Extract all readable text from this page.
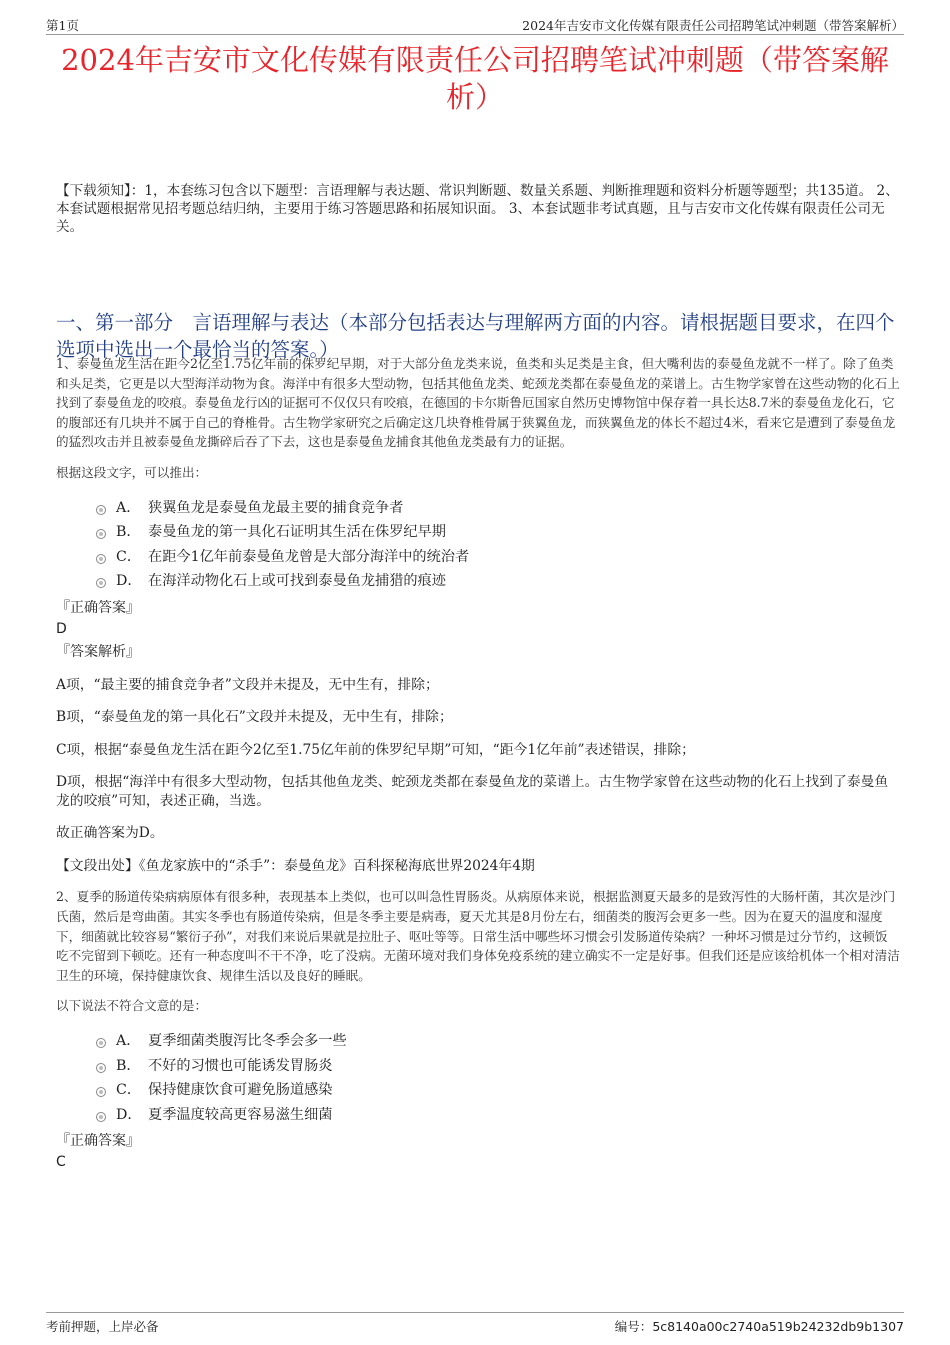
第1页	2024年吉安市文化传媒有限责任公司招聘笔试冲刺题（带答案解析）
2024年吉安市文化传媒有限责任公司招聘笔试冲刺题（带答案解析）
【下载须知】：1，本套练习包含以下题型：言语理解与表达题、常识判断题、数量关系题、判断推理题和资料分析题等题型；共135道。 2、本套试题根据常见招考题总结归纳，主要用于练习答题思路和拓展知识面。 3、本套试题非考试真题，且与吉安市文化传媒有限责任公司无关。
一、第一部分　言语理解与表达（本部分包括表达与理解两方面的内容。请根据题目要求，在四个选项中选出一个最恰当的答案。）

1、泰曼鱼龙生活在距今2亿至1.75亿年前的侏罗纪早期，对于大部分鱼龙类来说，鱼类和头足类是主食，但大嘴利齿的泰曼鱼龙就不一样了。除了鱼类和头足类，它更是以大型海洋动物为食。海洋中有很多大型动物，包括其他鱼龙类、蛇颈龙类都在泰曼鱼龙的菜谱上。古生物学家曾在这些动物的化石上找到了泰曼鱼龙的咬痕。泰曼鱼龙行凶的证据可不仅仅只有咬痕，在德国的卡尔斯鲁厄国家自然历史博物馆中保存着一具长达8.7米的泰曼鱼龙化石，它的腹部还有几块并不属于自己的脊椎骨。古生物学家研究之后确定这几块脊椎骨属于狭翼鱼龙，而狭翼鱼龙的体长不超过4米，看来它是遭到了泰曼鱼龙的猛烈攻击并且被泰曼鱼龙撕碎后吞了下去，这也是泰曼鱼龙捕食其他鱼龙类最有力的证据。

根据这段文字，可以推出：

A． 狭翼鱼龙是泰曼鱼龙最主要的捕食竞争者
B． 泰曼鱼龙的第一具化石证明其生活在侏罗纪早期
C． 在距今1亿年前泰曼鱼龙曾是大部分海洋中的统治者
D． 在海洋动物化石上或可找到泰曼鱼龙捕猎的痕迹

『正确答案』

D

『答案解析』

A项，“最主要的捕食竞争者”文段并未提及，无中生有，排除；

B项，“泰曼鱼龙的第一具化石”文段并未提及，无中生有，排除；

C项，根据“泰曼鱼龙生活在距今2亿至1.75亿年前的侏罗纪早期”可知，“距今1亿年前”表述错误，排除；

D项，根据“海洋中有很多大型动物，包括其他鱼龙类、蛇颈龙类都在泰曼鱼龙的菜谱上。古生物学家曾在这些动物的化石上找到了泰曼鱼龙的咬痕”可知，表述正确，当选。

故正确答案为D。

【文段出处】《鱼龙家族中的“杀手”：泰曼鱼龙》百科探秘海底世界2024年4期

2、夏季的肠道传染病病原体有很多种，表现基本上类似，也可以叫急性胃肠炎。从病原体来说，根据监测夏天最多的是致泻性的大肠杆菌，其次是沙门氏菌，然后是弯曲菌。其实冬季也有肠道传染病，但是冬季主要是病毒，夏天尤其是8月份左右，细菌类的腹泻会更多一些。因为在夏天的温度和湿度下，细菌就比较容易“繁衍子孙”，对我们来说后果就是拉肚子、呕吐等等。日常生活中哪些坏习惯会引发肠道传染病？一种坏习惯是过分节约，这顿饭吃不完留到下顿吃。还有一种态度叫不干不净，吃了没病。无菌环境对我们身体免疫系统的建立确实不一定是好事。但我们还是应该给机体一个相对清洁卫生的环境，保持健康饮食、规律生活以及良好的睡眠。

以下说法不符合文意的是：

A． 夏季细菌类腹泻比冬季会多一些
B． 不好的习惯也可能诱发胃肠炎
C． 保持健康饮食可避免肠道感染
D． 夏季温度较高更容易滋生细菌

『正确答案』

C

考前押题，上岸必备	编号：5c8140a00c2740a519b24232db9b1307
